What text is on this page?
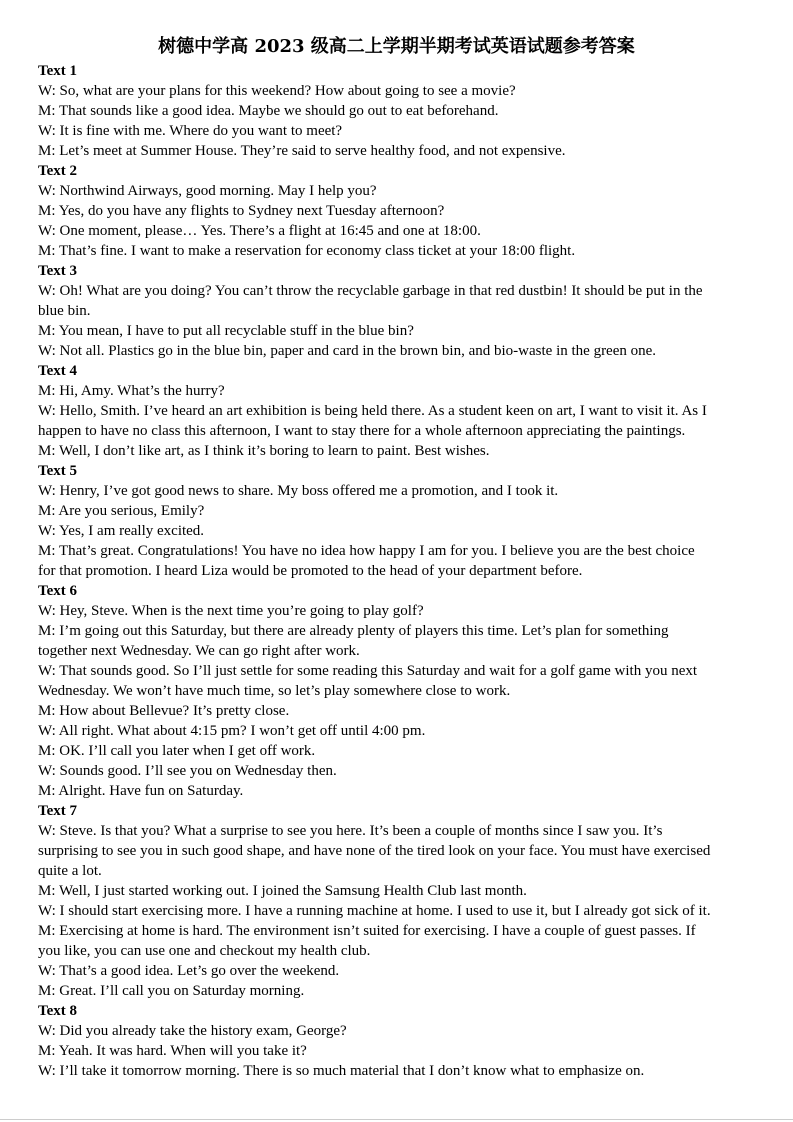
树德中学高 2023 级高二上学期半期考试英语试题参考答案
Text 1
W: So, what are your plans for this weekend? How about going to see a movie?
M: That sounds like a good idea. Maybe we should go out to eat beforehand.
W: It is fine with me. Where do you want to meet?
M: Let’s meet at Summer House. They’re said to serve healthy food, and not expensive.
Text 2
W: Northwind Airways, good morning. May I help you?
M: Yes, do you have any flights to Sydney next Tuesday afternoon?
W: One moment, please… Yes. There’s a flight at 16:45 and one at 18:00.
M: That’s fine. I want to make a reservation for economy class ticket at your 18:00 flight.
Text 3
W: Oh! What are you doing? You can’t throw the recyclable garbage in that red dustbin! It should be put in the
blue bin.
M: You mean, I have to put all recyclable stuff in the blue bin?
W: Not all. Plastics go in the blue bin, paper and card in the brown bin, and bio-waste in the green one.
Text 4
M: Hi, Amy. What’s the hurry?
W: Hello, Smith. I’ve heard an art exhibition is being held there. As a student keen on art, I want to visit it. As I
happen to have no class this afternoon, I want to stay there for a whole afternoon appreciating the paintings.
M: Well, I don’t like art, as I think it’s boring to learn to paint. Best wishes.
Text 5
W: Henry, I’ve got good news to share. My boss offered me a promotion, and I took it.
M: Are you serious, Emily?
W: Yes, I am really excited.
M: That’s great. Congratulations! You have no idea how happy I am for you. I believe you are the best choice
for that promotion. I heard Liza would be promoted to the head of your department before.
Text 6
W: Hey, Steve. When is the next time you’re going to play golf?
M: I’m going out this Saturday, but there are already plenty of players this time. Let’s plan for something
together next Wednesday. We can go right after work.
W: That sounds good. So I’ll just settle for some reading this Saturday and wait for a golf game with you next
Wednesday. We won’t have much time, so let’s play somewhere close to work.
M: How about Bellevue? It’s pretty close.
W: All right. What about 4:15 pm? I won’t get off until 4:00 pm.
M: OK. I’ll call you later when I get off work.
W: Sounds good. I’ll see you on Wednesday then.
M: Alright. Have fun on Saturday.
Text 7
W: Steve. Is that you? What a surprise to see you here. It’s been a couple of months since I saw you. It’s
surprising to see you in such good shape, and have none of the tired look on your face. You must have exercised
quite a lot.
M: Well, I just started working out. I joined the Samsung Health Club last month.
W: I should start exercising more. I have a running machine at home. I used to use it, but I already got sick of it.
M: Exercising at home is hard. The environment isn’t suited for exercising. I have a couple of guest passes. If
you like, you can use one and checkout my health club.
W: That’s a good idea. Let’s go over the weekend.
M: Great. I’ll call you on Saturday morning.
Text 8
W: Did you already take the history exam, George?
M: Yeah. It was hard. When will you take it?
W: I’ll take it tomorrow morning. There is so much material that I don’t know what to emphasize on.
